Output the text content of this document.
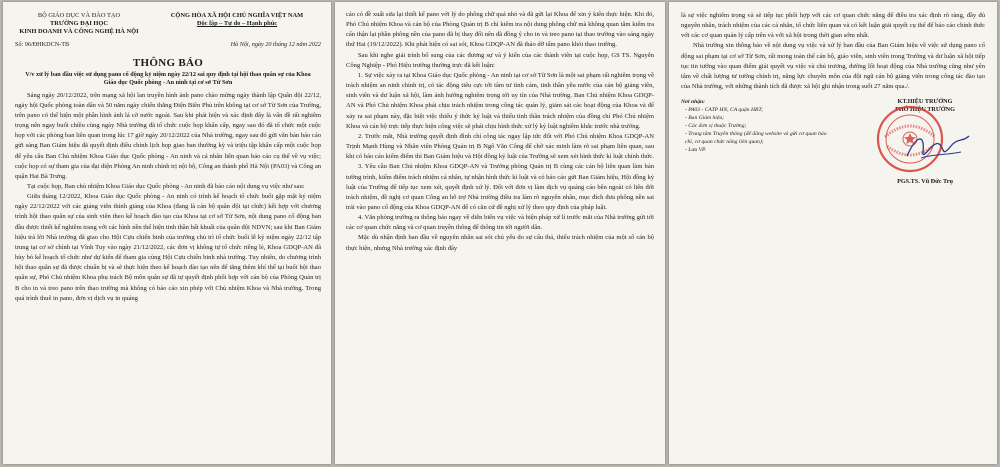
BỘ GIÁO DỤC VÀ ĐÀO TẠO
TRƯỜNG ĐẠI HỌC
KINH DOANH VÀ CÔNG NGHỆ HÀ NỘI
CỘNG HÒA XÃ HỘI CHỦ NGHĨA VIỆT NAM
Độc lập – Tự do – Hạnh phúc
Số: 96/ĐHKDCN-TB	Hà Nội, ngày 20 tháng 12 năm 2022
THÔNG BÁO
V/v xử lý ban đầu việc sử dụng pano cổ động kỷ niệm ngày 22/12 sai quy định tại hội thao quân sự của Khoa Giáo dục Quốc phòng - An ninh tại cơ sở Từ Sơn

Sáng ngày 20/12/2022, trên mạng xã hội lan truyền hình ảnh pano chào mừng ngày thành lập Quân đội 22/12, ngày hội Quốc phòng toàn dân và 50 năm ngày chiến thắng Điện Biên Phủ trên không tại cơ sở Từ Sơn của Trường, trên pano có thể hiện một phần hình ảnh lá cờ nước ngoài. Sau khi phát hiện và xác định đây là vấn đề rất nghiêm trọng nên ngay buổi chiều cùng ngày Nhà trường đã tổ chức cuộc họp khẩn cấp, ngay sau đó đã tổ chức một cuộc họp với các phòng ban liên quan trong lúc 17 giờ ngày 20/12/2022 của Nhà trường, ngay sau đó gửi văn bản báo cáo gửi sáng Ban Giám hiệu đã quyết định điều chỉnh lịch họp giao ban thường kỳ và triệu tập khẩn cấp một cuộc họp để yêu cầu Ban Chủ nhiệm Khoa Giáo dục Quốc phòng - An ninh và cá nhân liên quan báo cáo cụ thể về vụ việc; cuộc họp có sự tham gia của đại diện Phòng An ninh chính trị nội bộ, Công an thành phố Hà Nội (PA03) và Công an quận Hai Bà Trưng.

Tại cuộc họp, Ban chủ nhiệm Khoa Giáo dục Quốc phòng - An ninh đã báo cáo nội dung vụ việc như sau:

Giữa tháng 12/2022, Khoa Giáo dục Quốc phòng - An ninh có trình kế hoạch tổ chức buổi gặp mặt kỷ niệm ngày 22/12/2022 với các giảng viên thỉnh giảng của Khoa (đang là cán bộ quân đội tại chức) kết hợp với chương trình hội thao quân sự của sinh viên theo kế hoạch đào tạo của Khoa tại cơ sở Từ Sơn, nội dung pano cổ động ban đầu được thiết kế nghiêm trang với các hình nền thể hiện tinh thần bất khuất của quân đội NDVN; sau khi Ban Giám hiệu trả lời Nhà trường đã giao cho Hội Cựu chiến binh của trường chủ trì tổ chức buổi lễ kỷ niệm ngày 22/12 tập trung tại cơ sở chính tại Vĩnh Tuy vào ngày 21/12/2022, các đơn vị không tự tổ chức riêng lẻ, Khoa GDQP-AN đã hủy bỏ kế hoạch tổ chức như dự kiến để tham gia cùng Hội Cựu chiến binh nhà trường. Tuy nhiên, do chương trình hội thao quân sự đã được chuẩn bị và sẽ thực hiện theo kế hoạch đào tạo nên để tăng thêm khí thế tại buổi hội thao quân sự, Phó Chủ nhiệm Khoa phụ trách Bộ môn quân sự đã tự quyết định phối hợp với cán bộ của Phòng Quản trị B cho in và treo pano trên thao trường mà không có báo cáo xin phép với Chủ nhiệm Khoa và Nhà trường. Trong quá trình thuê in pano, đơn vị dịch vụ in quảng

cáo có đề xuất sửa lại thiết kế pano với lý do phông chữ quá nhỏ và đã gửi lại Khoa để xin ý kiến thực hiện. Khi đó, Phó Chủ nhiệm Khoa và cán bộ của Phòng Quản trị B chỉ kiểm tra nội dung phông chữ mà không quan tâm kiểm tra cẩn thận lại phần phông nền của pano đã bị thay đổi nên đã đồng ý cho in và treo pano tại thao trường vào sáng ngày thứ Hai (19/12/2022). Khi phát hiện có sai sót, Khoa GDQP-AN đã tháo dỡ tấm pano khỏi thao trường.

Sau khi nghe giải trình bổ sung của các đương sự và ý kiến của các thành viên tại cuộc họp, GS TS. Nguyễn Công Nghiệp - Phó Hiệu trưởng thường trực đã kết luận:

1. Sự việc xảy ra tại Khoa Giáo dục Quốc phòng - An ninh tại cơ sở Từ Sơn là một sai phạm rất nghiêm trọng về trách nhiệm an ninh chính trị, có tác động tiêu cực tới tâm tư tình cảm, tinh thần yêu nước của cán bộ giảng viên, sinh viên và dư luận xã hội, làm ảnh hưởng nghiêm trọng tới uy tín của Nhà trường. Ban Chủ nhiệm Khoa GDQP-AN và Phó Chủ nhiệm Khoa phải chịu trách nhiệm trong công tác quản lý, giám sát các hoạt động của Khoa và để xảy ra sai phạm này, đặc biệt việc thiếu ý thức kỷ luật và thiếu tinh thần trách nhiệm của đồng chí Phó Chủ nhiệm Khoa và cán bộ trực tiếp thực hiện công việc sẽ phải chịu hình thức xử lý kỷ luật nghiêm khắc trước nhà trường.

2. Trước mắt, Nhà trường quyết định đình chỉ công tác ngay lập tức đối với Phó Chủ nhiệm Khoa GDQP-AN Trịnh Mạnh Hùng và Nhân viên Phòng Quản trị B Ngô Văn Công để chờ xác minh làm rõ sai phạm liên quan, sau khi có báo cáo kiểm điểm thì Ban Giám hiệu và Hội đồng kỷ luật của Trường sẽ xem xét hình thức kỉ luật chính thức.

3. Yêu cầu Ban Chủ nhiệm Khoa GDQP-AN và Trưởng phòng Quản trị B cùng các cán bộ liên quan làm bản tường trình, kiểm điểm trách nhiệm cá nhân, tự nhận hình thức kỉ luật và có báo cáo gửi Ban Giám hiệu, Hội đồng kỷ luật của Trường để tiếp tục xem xét, quyết định xử lý. Đối với đơn vị làm dịch vụ quảng cáo bên ngoài có liên đới trách nhiệm, đề nghị cơ quan Công an hỗ trợ Nhà trường điều tra làm rõ nguyên nhân, mục đích đưa phông nền sai trái vào pano cổ động của Khoa GDQP-AN để có căn cứ đề nghị xử lý theo quy định của pháp luật.

4. Văn phòng trường ra thông báo ngay về diễn biến vụ việc và biện pháp xử lí trước mắt của Nhà trường gửi tới các cơ quan chức năng và cơ quan truyền thông để thông tin tới người dân.

Mặc dù nhận định ban đầu về nguyên nhân sai sót chủ yếu do sự cẩu thả, thiếu trách nhiệm của một số cán bộ thực hiện, nhưng Nhà trường xác định đây

là sự việc nghiêm trọng và sẽ tiếp tục phối hợp với các cơ quan chức năng để điều tra xác định rõ ràng, đầy đủ nguyên nhân, trách nhiệm của các cá nhân, tổ chức liên quan và có kết luận giải quyết cụ thể để báo cáo chính thức với các cơ quan quản lý cấp trên và với xã hội trong thời gian sớm nhất.

Nhà trường xin thông báo về nội dung vụ việc và xử lý ban đầu của Ban Giám hiệu về việc sử dụng pano cổ động sai phạm tại cơ sở Từ Sơn, rất mong toàn thể cán bộ, giáo viên, sinh viên trong Trường và dư luận xã hội tiếp tục tin tưởng vào quan điểm giải quyết vụ việc và chủ trương, đường lối hoạt động của Nhà trường cũng như yên tâm về chất lượng tư tưởng chính trị, năng lực chuyên môn của đội ngũ cán bộ giảng viên trong công tác đào tạo của Nhà trường, với những thành tích đã được xã hội ghi nhận trong suốt 27 năm qua./.

Nơi nhận:
- PA03 - CATP HN, CA quận HBT;
- Ban Giám hiệu;
- Các đơn vị thuộc Trường;
- Trung tâm Truyền thông (để đăng website và gửi cơ quan báo chí, cơ quan chức năng liên quan);
- Lưu VP.
KT.HIỆU TRƯỞNG
PHÓ HIỆU TRƯỞNG
PGS.TS. Vũ Đức Trụ
